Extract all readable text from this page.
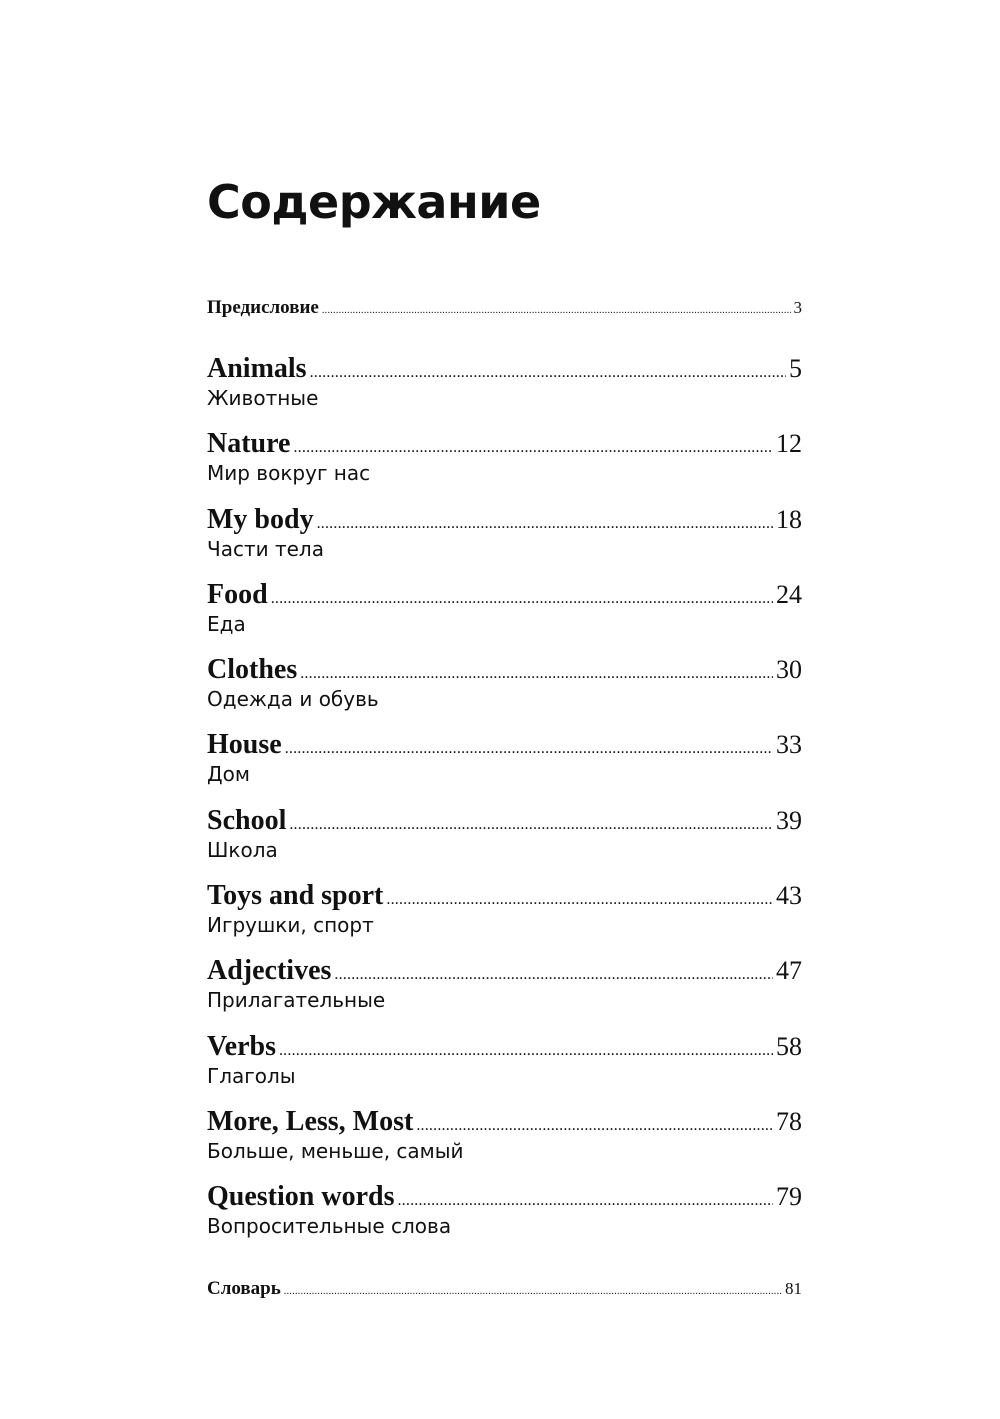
Содержание
Предисловие .....	3
Animals .....	5
Животные
Nature .....	12
Мир вокруг нас
My body .....	18
Части тела
Food .....	24
Еда
Clothes .....	30
Одежда и обувь
House .....	33
Дом
School .....	39
Школа
Toys and sport .....	43
Игрушки, спорт
Adjectives .....	47
Прилагательные
Verbs .....	58
Глаголы
More, Less, Most .....	78
Больше, меньше, самый
Question words .....	79
Вопросительные слова
Словарь .....	81
